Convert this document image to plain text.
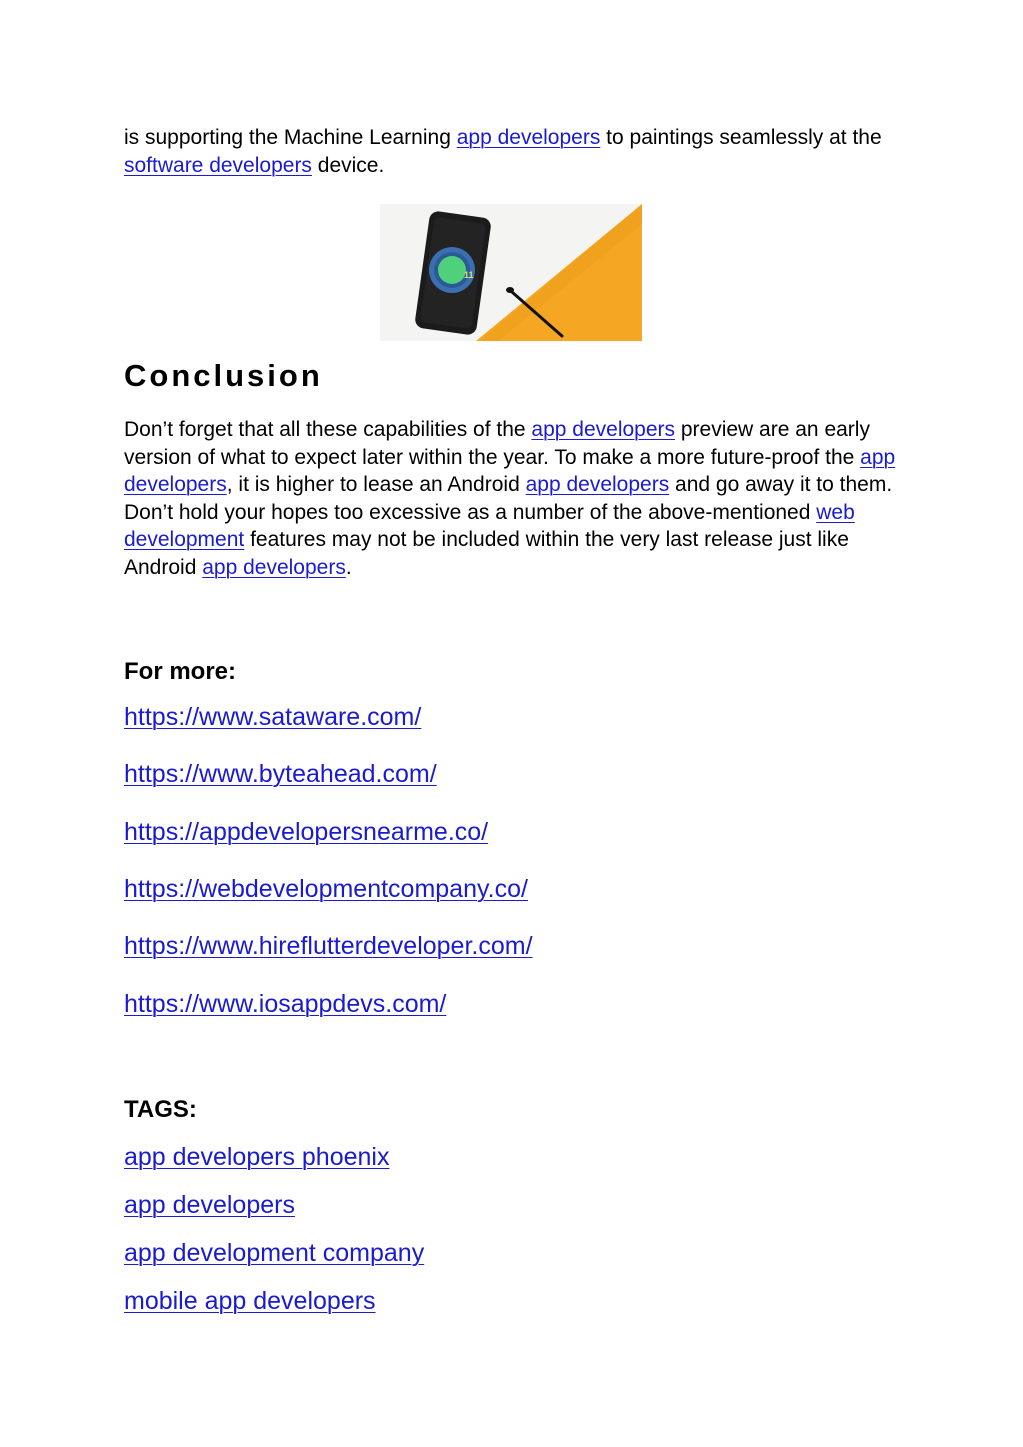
is supporting the Machine Learning app developers to paintings seamlessly at the software developers device.

11
Conclusion

Don’t forget that all these capabilities of the app developers preview are an early version of what to expect later within the year. To make a more future-proof the app developers, it is higher to lease an Android app developers and go away it to them. Don’t hold your hopes too excessive as a number of the above-mentioned web development features may not be included within the very last release just like Android app developers.

For more:
https://www.sataware.com/
https://www.byteahead.com/
https://appdevelopersnearme.co/
https://webdevelopmentcompany.co/
https://www.hireflutterdeveloper.com/
https://www.iosappdevs.com/
TAGS:
app developers phoenix
app developers
app development company
mobile app developers
